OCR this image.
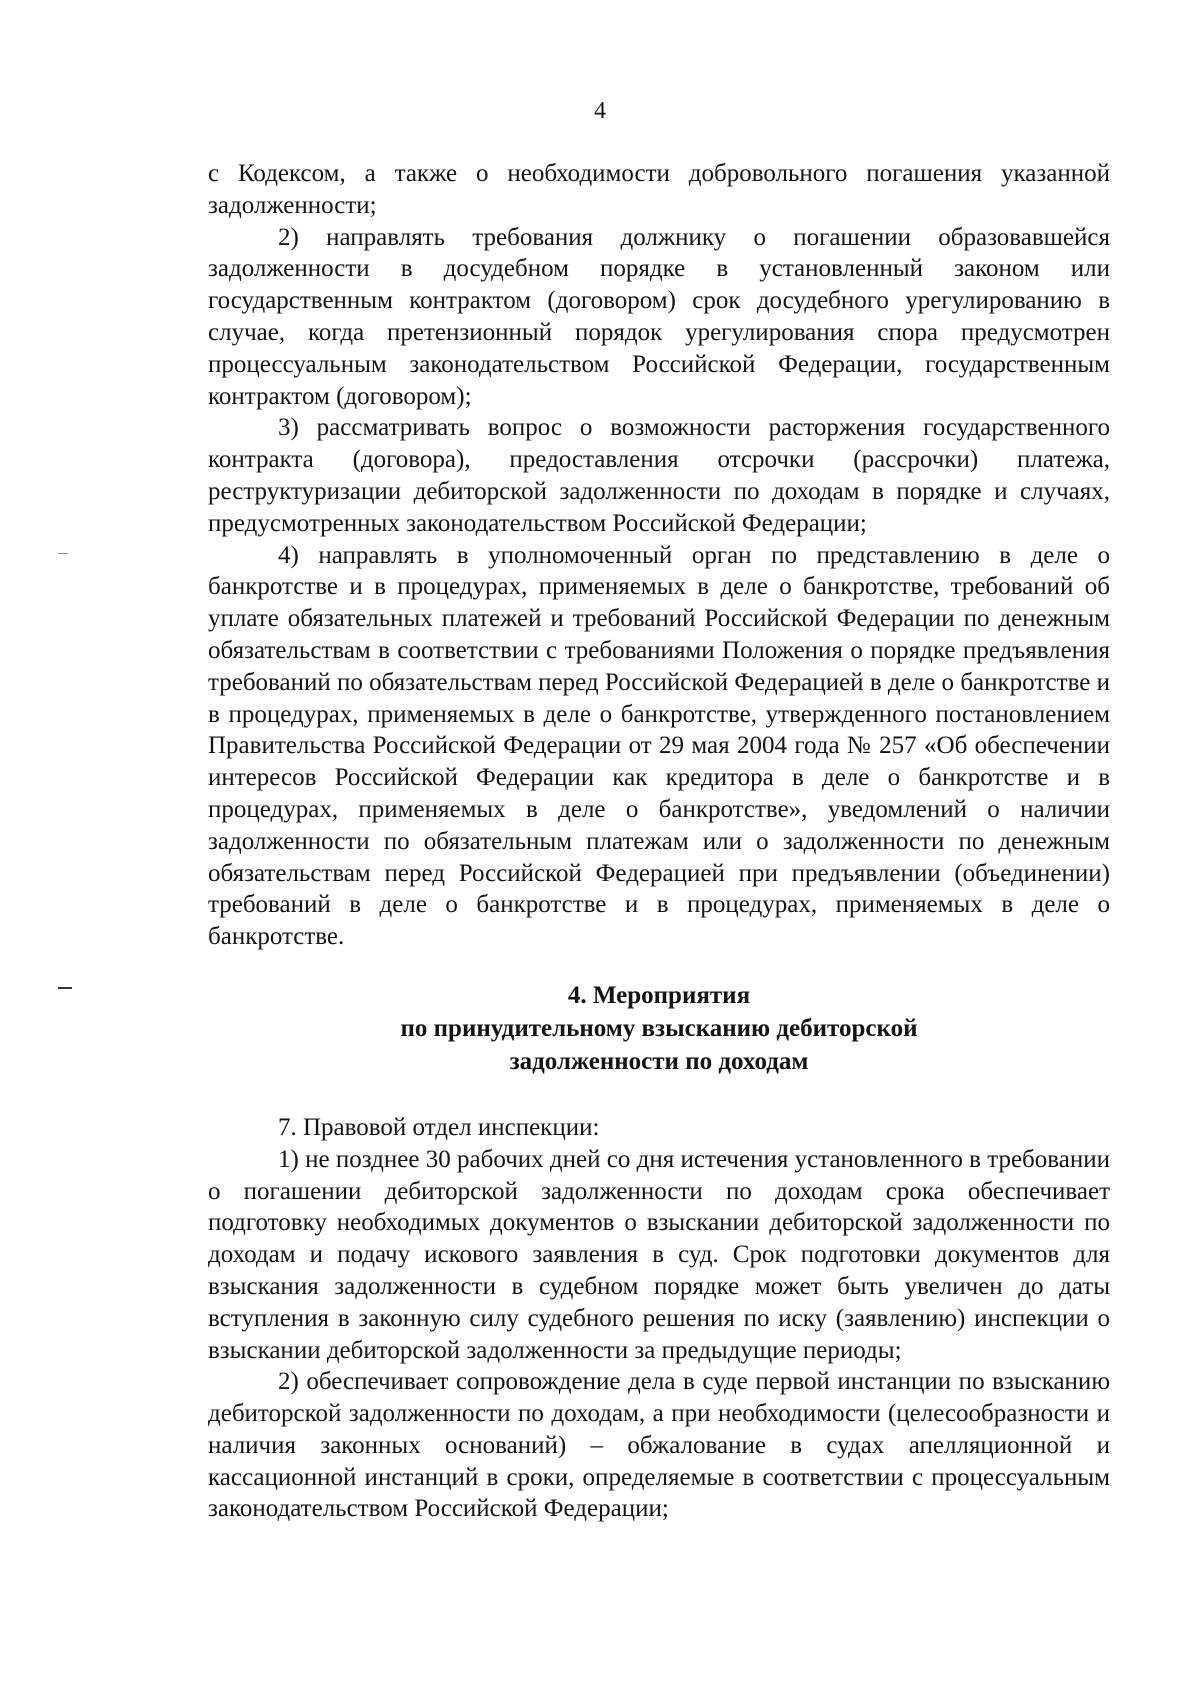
4

с Кодексом, а также о необходимости добровольного погашения указанной задолженности;

2) направлять требования должнику о погашении образовавшейся задолженности в досудебном порядке в установленный законом или государственным контрактом (договором) срок досудебного урегулированию в случае, когда претензионный порядок урегулирования спора предусмотрен процессуальным законодательством Российской Федерации, государственным контрактом (договором);

3) рассматривать вопрос о возможности расторжения государственного контракта (договора), предоставления отсрочки (рассрочки) платежа, реструктуризации дебиторской задолженности по доходам в порядке и случаях, предусмотренных законодательством Российской Федерации;

4) направлять в уполномоченный орган по представлению в деле о банкротстве и в процедурах, применяемых в деле о банкротстве, требований об уплате обязательных платежей и требований Российской Федерации по денежным обязательствам в соответствии с требованиями Положения о порядке предъявления требований по обязательствам перед Российской Федерацией в деле о банкротстве и в процедурах, применяемых в деле о банкротстве, утвержденного постановлением Правительства Российской Федерации от 29 мая 2004 года № 257 «Об обеспечении интересов Российской Федерации как кредитора в деле о банкротстве и в процедурах, применяемых в деле о банкротстве», уведомлений о наличии задолженности по обязательным платежам или о задолженности по денежным обязательствам перед Российской Федерацией при предъявлении (объединении) требований в деле о банкротстве и в процедурах, применяемых в деле о банкротстве.

4. Мероприятия
по принудительному взысканию дебиторской
задолженности по доходам

7. Правовой отдел инспекции:

1) не позднее 30 рабочих дней со дня истечения установленного в требовании о погашении дебиторской задолженности по доходам срока обеспечивает подготовку необходимых документов о взыскании дебиторской задолженности по доходам и подачу искового заявления в суд. Срок подготовки документов для взыскания задолженности в судебном порядке может быть увеличен до даты вступления в законную силу судебного решения по иску (заявлению) инспекции о взыскании дебиторской задолженности за предыдущие периоды;

2) обеспечивает сопровождение дела в суде первой инстанции по взысканию дебиторской задолженности по доходам, а при необходимости (целесообразности и наличия законных оснований) – обжалование в судах апелляционной и кассационной инстанций в сроки, определяемые в соответствии с процессуальным законодательством Российской Федерации;
